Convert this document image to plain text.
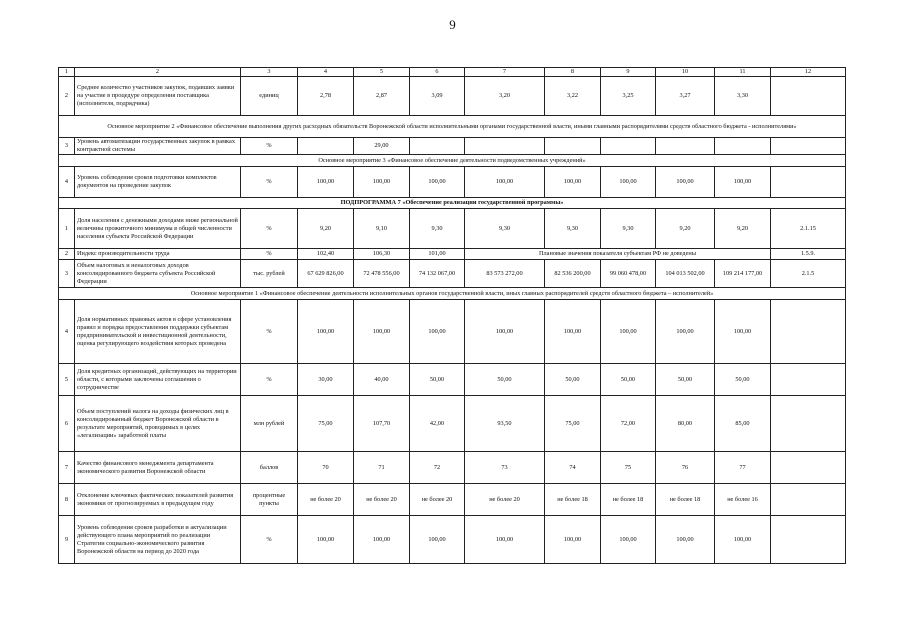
9
1	2	3	4	5	6	7	8	9	10	11	12
2	Среднее количество участников закупок, подавших заявки на участие в процедуре определения поставщика (исполнителя, подрядчика)	единиц	2,78	2,87	3,09	3,20	3,22	3,25	3,27	3,30	
Основное мероприятие 2 «Финансовое обеспечение выполнения других расходных обязательств Воронежской области исполнительными органами государственной власти, иными главными распорядителями средств областного бюджета - исполнителями»											
3	Уровень автоматизации государственных закупок в рамках контрактной системы	%		29,00							
Основное мероприятие 3 «Финансовое обеспечение деятельности подведомственных учреждений»											
4	Уровень соблюдения сроков подготовки комплектов документов на проведение закупок	%	100,00	100,00	100,00	100,00	100,00	100,00	100,00	100,00	
ПОДПРОГРАММА 7 «Обеспечение реализации государственной программы»											
1	Доля населения с денежными доходами ниже региональной величины прожиточного минимума в общей численности населения субъекта Российской Федерации	%	9,20	9,10	9,30	9,30	9,30	9,30	9,20	9,20	2.1.15
2	Индекс производительности труда	%	102,40	106,30	101,00	Плановые значения показателя субъектам РФ не доведены					1.5.9.
3	Объем налоговых и неналоговых доходов консолидированного бюджета субъекта Российской Федерации	тыс. рублей	67 629 826,00	72 478 556,00	74 132 067,00	83 573 272,00	82 536 200,00	99 060 478,00	104 013 502,00	109 214 177,00	2.1.5
Основное мероприятие 1 «Финансовое обеспечение деятельности исполнительных органов государственной власти, иных главных распорядителей средств областного бюджета – исполнителей»											
4	Доля нормативных правовых актов в сфере установления правил и порядка предоставления поддержки субъектам предпринимательской и инвестиционной деятельности, оценка регулирующего воздействия которых проведена	%	100,00	100,00	100,00	100,00	100,00	100,00	100,00	100,00	
5	Доля кредитных организаций, действующих на территории области, с которыми заключены соглашения о сотрудничестве	%	30,00	40,00	50,00	50,00	50,00	50,00	50,00	50,00	
6	Объем поступлений налога на доходы физических лиц в консолидированный бюджет Воронежской области в результате мероприятий, проводимых в целях «легализации» заработной платы	млн рублей	75,00	107,70	42,00	93,50	75,00	72,00	80,00	85,00	
7	Качество финансового менеджмента департамента экономического развития Воронежской области	баллов	70	71	72	73	74	75	76	77	
8	Отклонение ключевых фактических показателей развития экономики от прогнозируемых в предыдущем году	процентные пункты	не более 20	не более 20	не более 20	не более 20	не более 18	не более 18	не более 18	не более 16	
9	Уровень соблюдения сроков разработки и актуализации действующего плана мероприятий по реализации Стратегии социально-экономического развития Воронежской области на период до 2020 года	%	100,00	100,00	100,00	100,00	100,00	100,00	100,00	100,00	
